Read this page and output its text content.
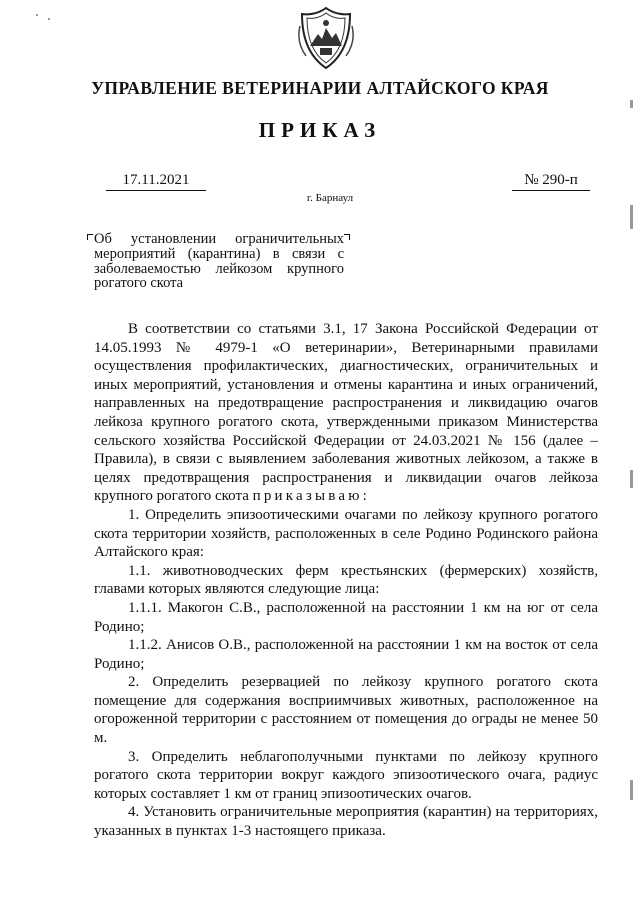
УПРАВЛЕНИЕ ВЕТЕРИНАРИИ АЛТАЙСКОГО КРАЯ
ПРИКАЗ
17.11.2021	№ 290-п
г. Барнаул
Об установлении ограничительных мероприятий (карантина) в связи с заболеваемостью лейкозом крупного рогатого скота

В соответствии со статьями 3.1, 17 Закона Российской Федерации от 14.05.1993 № 4979-1 «О ветеринарии», Ветеринарными правилами осуществления профилактических, диагностических, ограничительных и иных мероприятий, установления и отмены карантина и иных ограничений, направленных на предотвращение распространения и ликвидацию очагов лейкоза крупного рогатого скота, утвержденными приказом Министерства сельского хозяйства Российской Федерации от 24.03.2021 № 156 (далее – Правила), в связи с выявлением заболевания животных лейкозом, а также в целях предотвращения распространения и ликвидации очагов лейкоза крупного рогатого скота приказываю:

1. Определить эпизоотическими очагами по лейкозу крупного рогатого скота территории хозяйств, расположенных в селе Родино Родинского района Алтайского края:

1.1. животноводческих ферм крестьянских (фермерских) хозяйств, главами которых являются следующие лица:

1.1.1. Макогон С.В., расположенной на расстоянии 1 км на юг от села Родино;

1.1.2. Анисов О.В., расположенной на расстоянии 1 км на восток от села Родино;

2. Определить резервацией по лейкозу крупного рогатого скота помещение для содержания восприимчивых животных, расположенное на огороженной территории с расстоянием от помещения до ограды не менее 50 м.

3. Определить неблагополучными пунктами по лейкозу крупного рогатого скота территории вокруг каждого эпизоотического очага, радиус которых составляет 1 км от границ эпизоотических очагов.

4. Установить ограничительные мероприятия (карантин) на территориях, указанных в пунктах 1-3 настоящего приказа.
